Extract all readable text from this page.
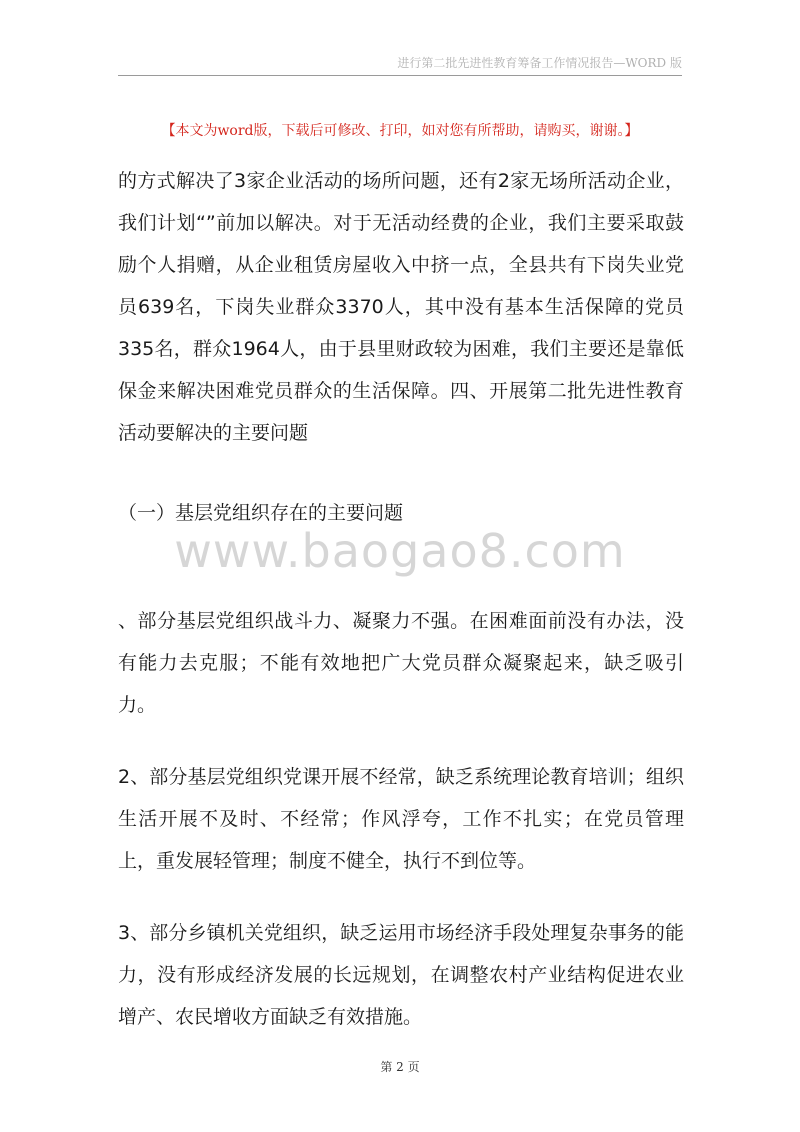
进行第二批先进性教育筹备工作情况报告—WORD 版
【本文为word版，下载后可修改、打印，如对您有所帮助，请购买，谢谢。】
www.baogao8.com

的方式解决了3家企业活动的场所问题，还有2家无场所活动企业，我们计划“”前加以解决。对于无活动经费的企业，我们主要采取鼓励个人捐赠，从企业租赁房屋收入中挤一点，全县共有下岗失业党员639名，下岗失业群众3370人，其中没有基本生活保障的党员335名，群众1964人，由于县里财政较为困难，我们主要还是靠低保金来解决困难党员群众的生活保障。四、开展第二批先进性教育活动要解决的主要问题

（一）基层党组织存在的主要问题

、部分基层党组织战斗力、凝聚力不强。在困难面前没有办法，没有能力去克服；不能有效地把广大党员群众凝聚起来，缺乏吸引力。

2、部分基层党组织党课开展不经常，缺乏系统理论教育培训；组织生活开展不及时、不经常；作风浮夸，工作不扎实；在党员管理上，重发展轻管理；制度不健全，执行不到位等。

3、部分乡镇机关党组织，缺乏运用市场经济手段处理复杂事务的能力，没有形成经济发展的长远规划，在调整农村产业结构促进农业增产、农民增收方面缺乏有效措施。

第 2 页
